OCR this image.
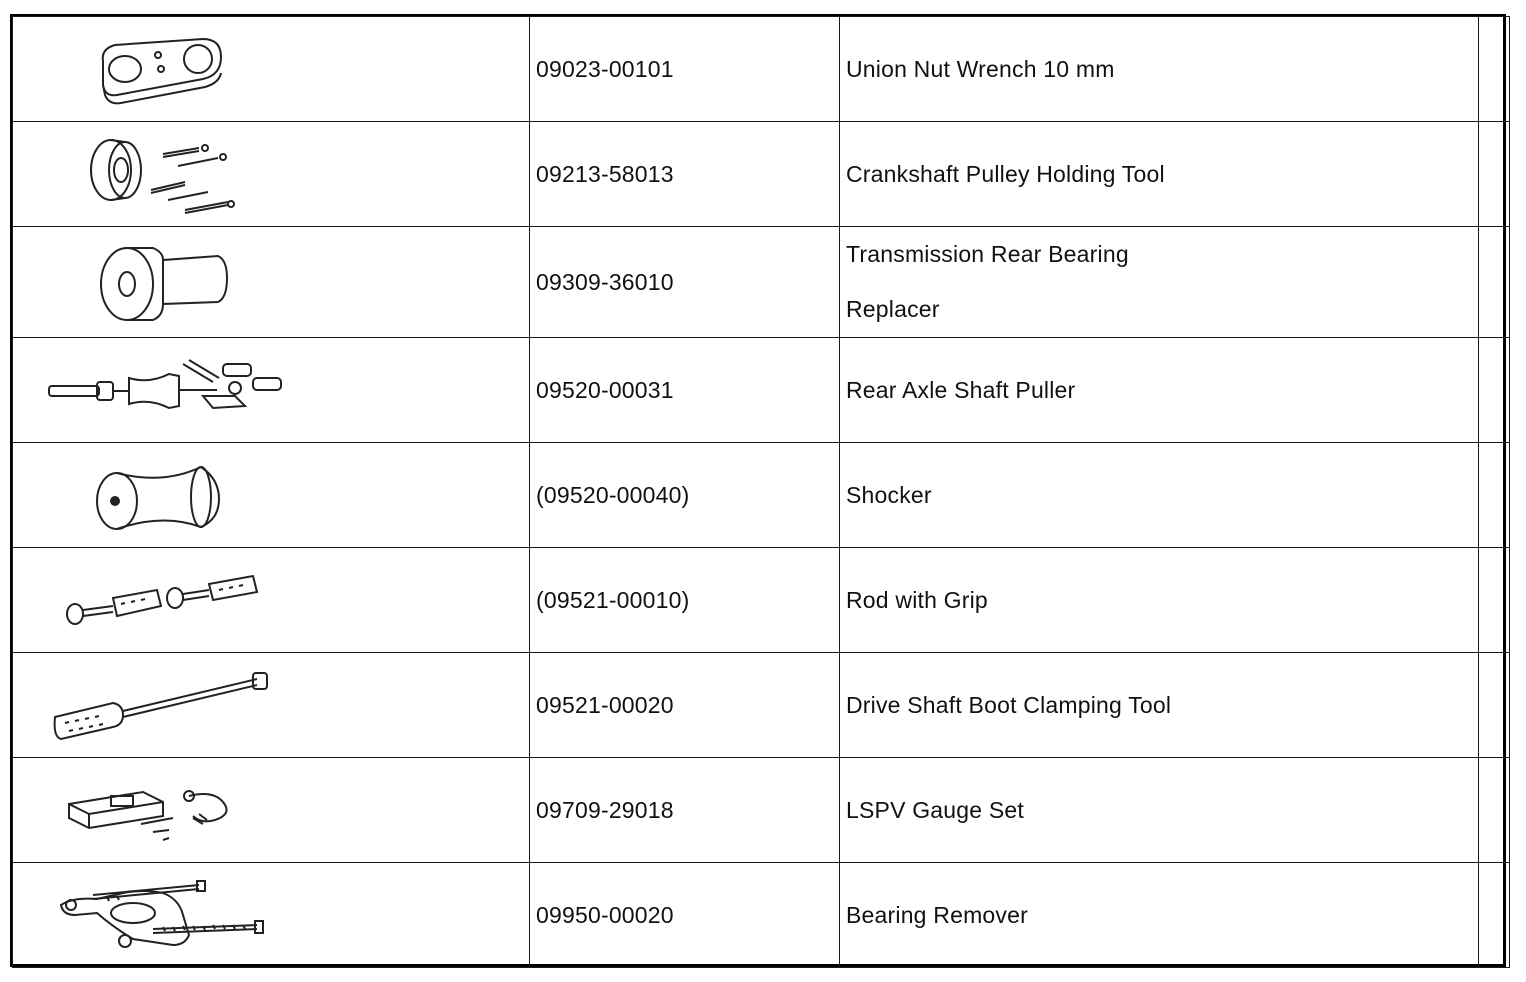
	09023-00101	Union Nut Wrench 10 mm	

	09213-58013	Crankshaft Pulley Holding Tool	

	09309-36010	Transmission Rear Bearing
Replacer	

	09520-00031	Rear Axle Shaft Puller	

	(09520-00040)	Shocker	

	(09521-00010)	Rod with Grip	

	09521-00020	Drive Shaft Boot Clamping Tool	

	09709-29018	LSPV Gauge Set	

	09950-00020	Bearing Remover	
